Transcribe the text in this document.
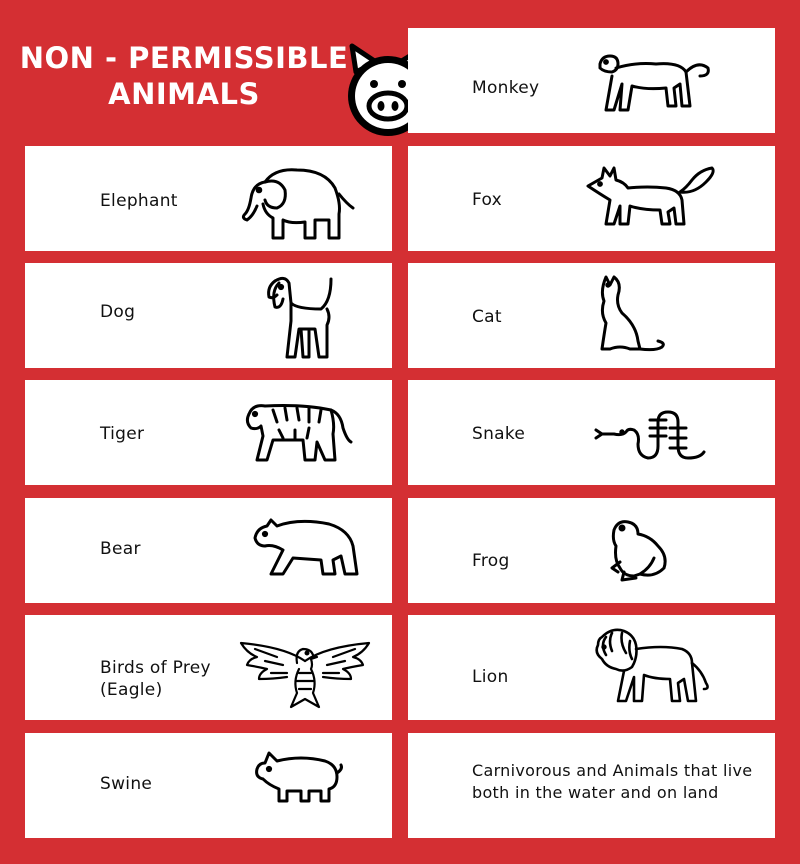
NON - PERMISSIBLE
ANIMALS
Elephant
Dog
Tiger
Bear
Birds of Prey
(Eagle)
Swine
Monkey
Fox
Cat
Snake
Frog
Lion
Carnivorous and Animals that live
both in the water and on land
